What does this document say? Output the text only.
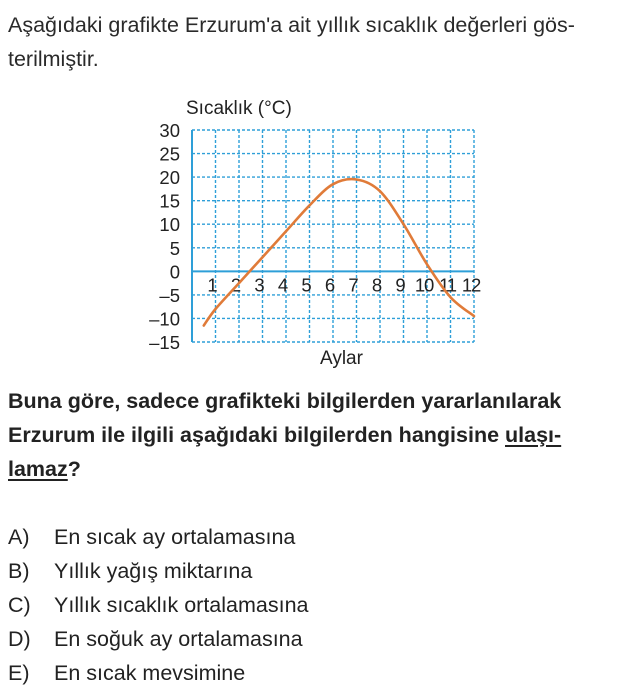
Aşağıdaki grafikte Erzurum'a ait yıllık sıcaklık değerleri gös-
terilmiştir.

Sıcaklık (°C)
30
25
20
15
10
5
0
–5
–10
–15
1 2 3 4 5 6 7 8 9 10 11 12
Aylar

Buna göre, sadece grafikteki bilgilerden yararlanılarak
Erzurum ile ilgili aşağıdaki bilgilerden hangisine ulaşı-
lamaz?

A) En sıcak ay ortalamasına
B) Yıllık yağış miktarına
C) Yıllık sıcaklık ortalamasına
D) En soğuk ay ortalamasına
E) En sıcak mevsimine
